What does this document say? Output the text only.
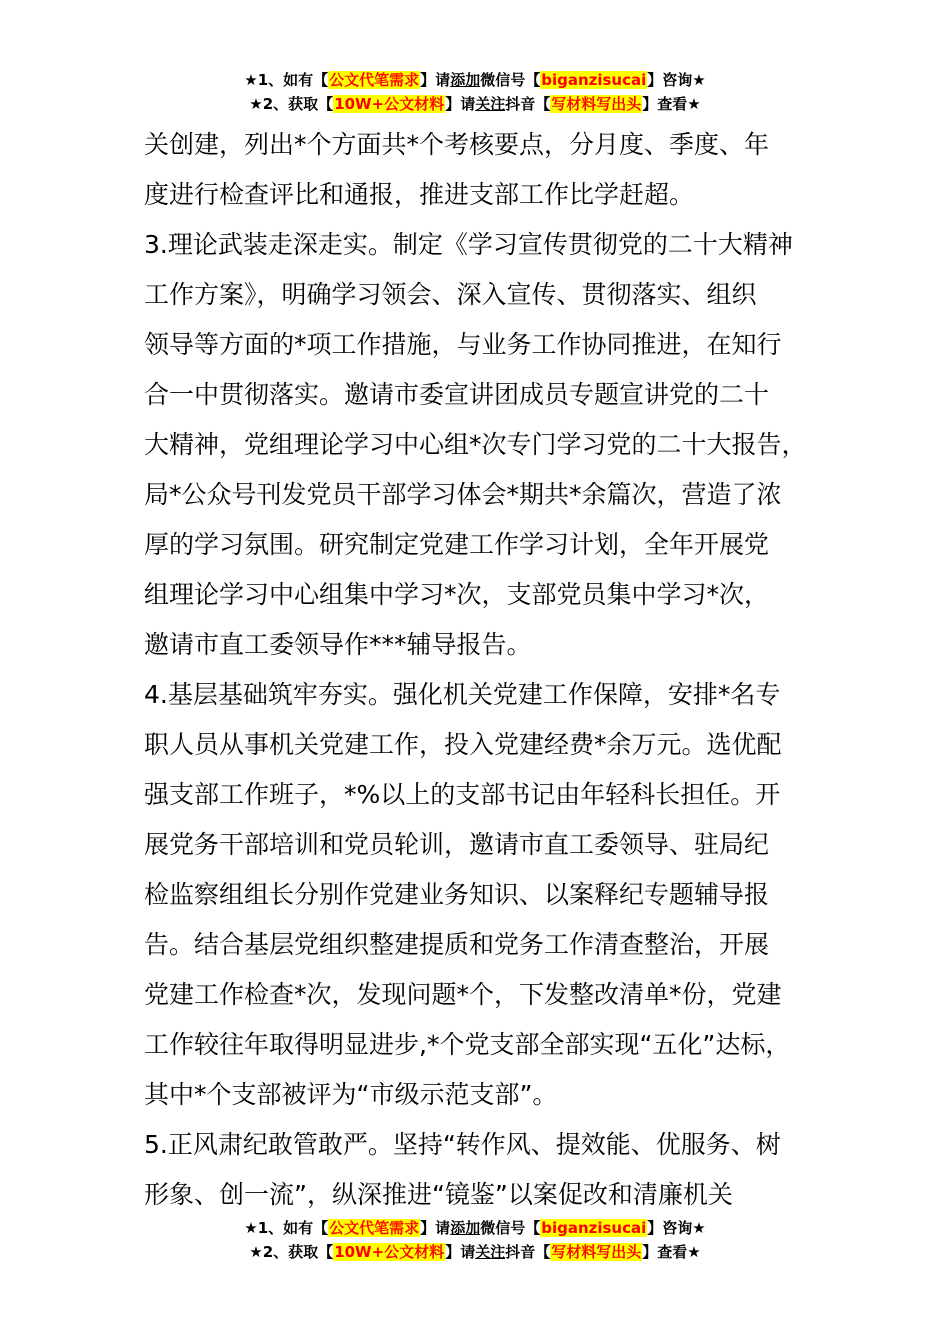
★1、如有【公文代笔需求】请添加微信号【biganzisucai】咨询★
★2、获取【10W+公文材料】请关注抖音【写材料写出头】查看★
关创建，列出*个方面共*个考核要点，分月度、季度、年
度进行检查评比和通报，推进支部工作比学赶超。
3.理论武装走深走实。制定《学习宣传贯彻党的二十大精神
工作方案》，明确学习领会、深入宣传、贯彻落实、组织
领导等方面的*项工作措施，与业务工作协同推进，在知行
合一中贯彻落实。邀请市委宣讲团成员专题宣讲党的二十
大精神，党组理论学习中心组*次专门学习党的二十大报告，
局*公众号刊发党员干部学习体会*期共*余篇次，营造了浓
厚的学习氛围。研究制定党建工作学习计划，全年开展党
组理论学习中心组集中学习*次，支部党员集中学习*次，
邀请市直工委领导作***辅导报告。
4.基层基础筑牢夯实。强化机关党建工作保障，安排*名专
职人员从事机关党建工作，投入党建经费*余万元。选优配
强支部工作班子，*%以上的支部书记由年轻科长担任。开
展党务干部培训和党员轮训，邀请市直工委领导、驻局纪
检监察组组长分别作党建业务知识、以案释纪专题辅导报
告。结合基层党组织整建提质和党务工作清查整治，开展
党建工作检查*次，发现问题*个，下发整改清单*份，党建
工作较往年取得明显进步,*个党支部全部实现“五化”达标，
其中*个支部被评为“市级示范支部”。
5.正风肃纪敢管敢严。坚持“转作风、提效能、优服务、树
形象、创一流”，纵深推进“镜鉴”以案促改和清廉机关
★1、如有【公文代笔需求】请添加微信号【biganzisucai】咨询★
★2、获取【10W+公文材料】请关注抖音【写材料写出头】查看★
